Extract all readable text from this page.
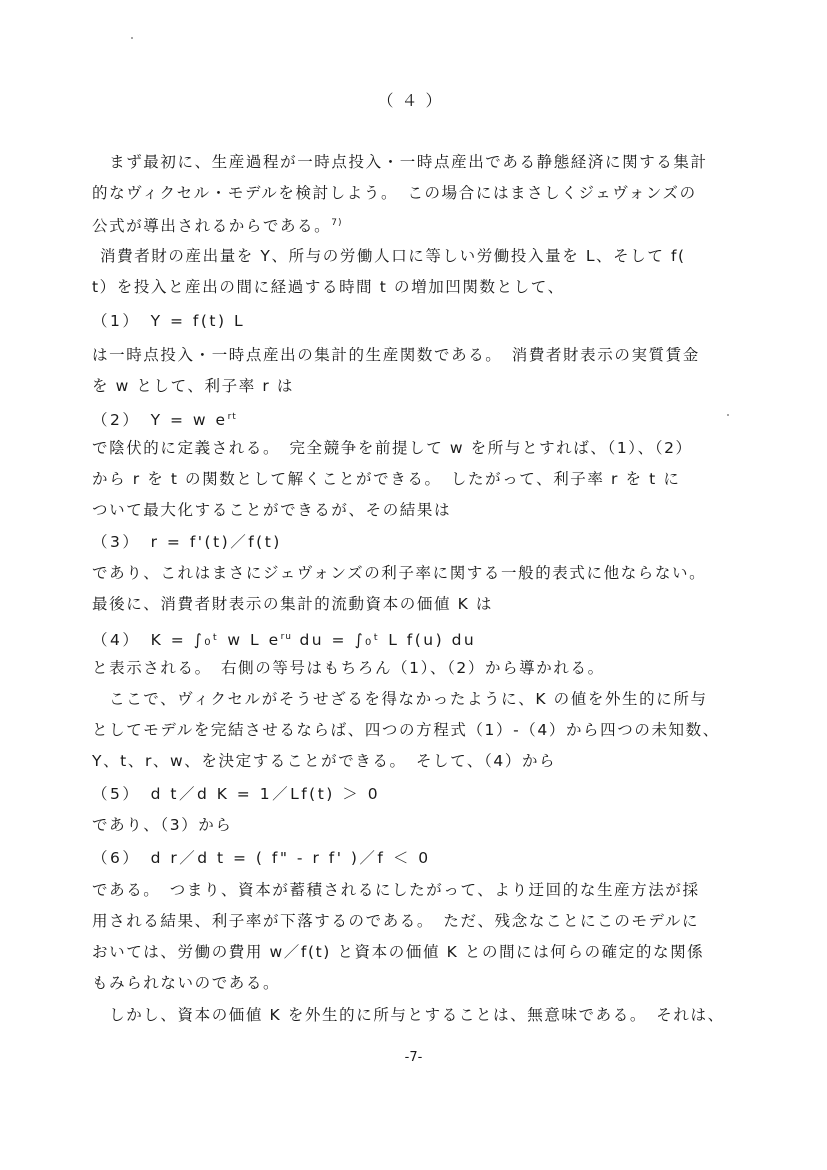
（４）
　まず最初に、生産過程が一時点投入・一時点産出である静態経済に関する集計
的なヴィクセル・モデルを検討しよう。　この場合にはまさしくジェヴォンズの
公式が導出されるからである。$^{7)}$
消費者財の産出量を Y、所与の労働人口に等しい労働投入量を L、そして f(
t）を投入と産出の間に経過する時間 t の増加凹関数として、
（1）　Y = f(t) L
は一時点投入・一時点産出の集計的生産関数である。　消費者財表示の実質賃金
を w として、利子率 r は
（2）　Y = w $e^{rt}$
で陰伏的に定義される。　完全競争を前提して w を所与とすれば、（1）、（2）
から r を t の関数として解くことができる。　したがって、利子率 r を t に
ついて最大化することができるが、その結果は
（3）　r = f'(t)／f(t)
であり、これはまさにジェヴォンズの利子率に関する一般的表式に他ならない。
最後に、消費者財表示の集計的流動資本の価値 K は
（4）　K = ∫₀ᵗ w L $e^{ru}$ du = ∫₀ᵗ L f(u) du
と表示される。　右側の等号はもちろん（1）、（2）から導かれる。
　ここで、ヴィクセルがそうせざるを得なかったように、K の値を外生的に所与
としてモデルを完結させるならば、四つの方程式（1）-（4）から四つの未知数、
Y、t、r、w、を決定することができる。　そして、（4）から
（5）　d t／d K = 1／Lf(t) ＞ 0
であり、（3）から
（6）　d r／d t = ( f" - r f' )／f ＜ 0
である。　つまり、資本が蓄積されるにしたがって、より迂回的な生産方法が採
用される結果、利子率が下落するのである。　ただ、残念なことにこのモデルに
おいては、労働の費用 w／f(t) と資本の価値 K との間には何らの確定的な関係
もみられないのである。
　しかし、資本の価値 K を外生的に所与とすることは、無意味である。　それは、
-7-
